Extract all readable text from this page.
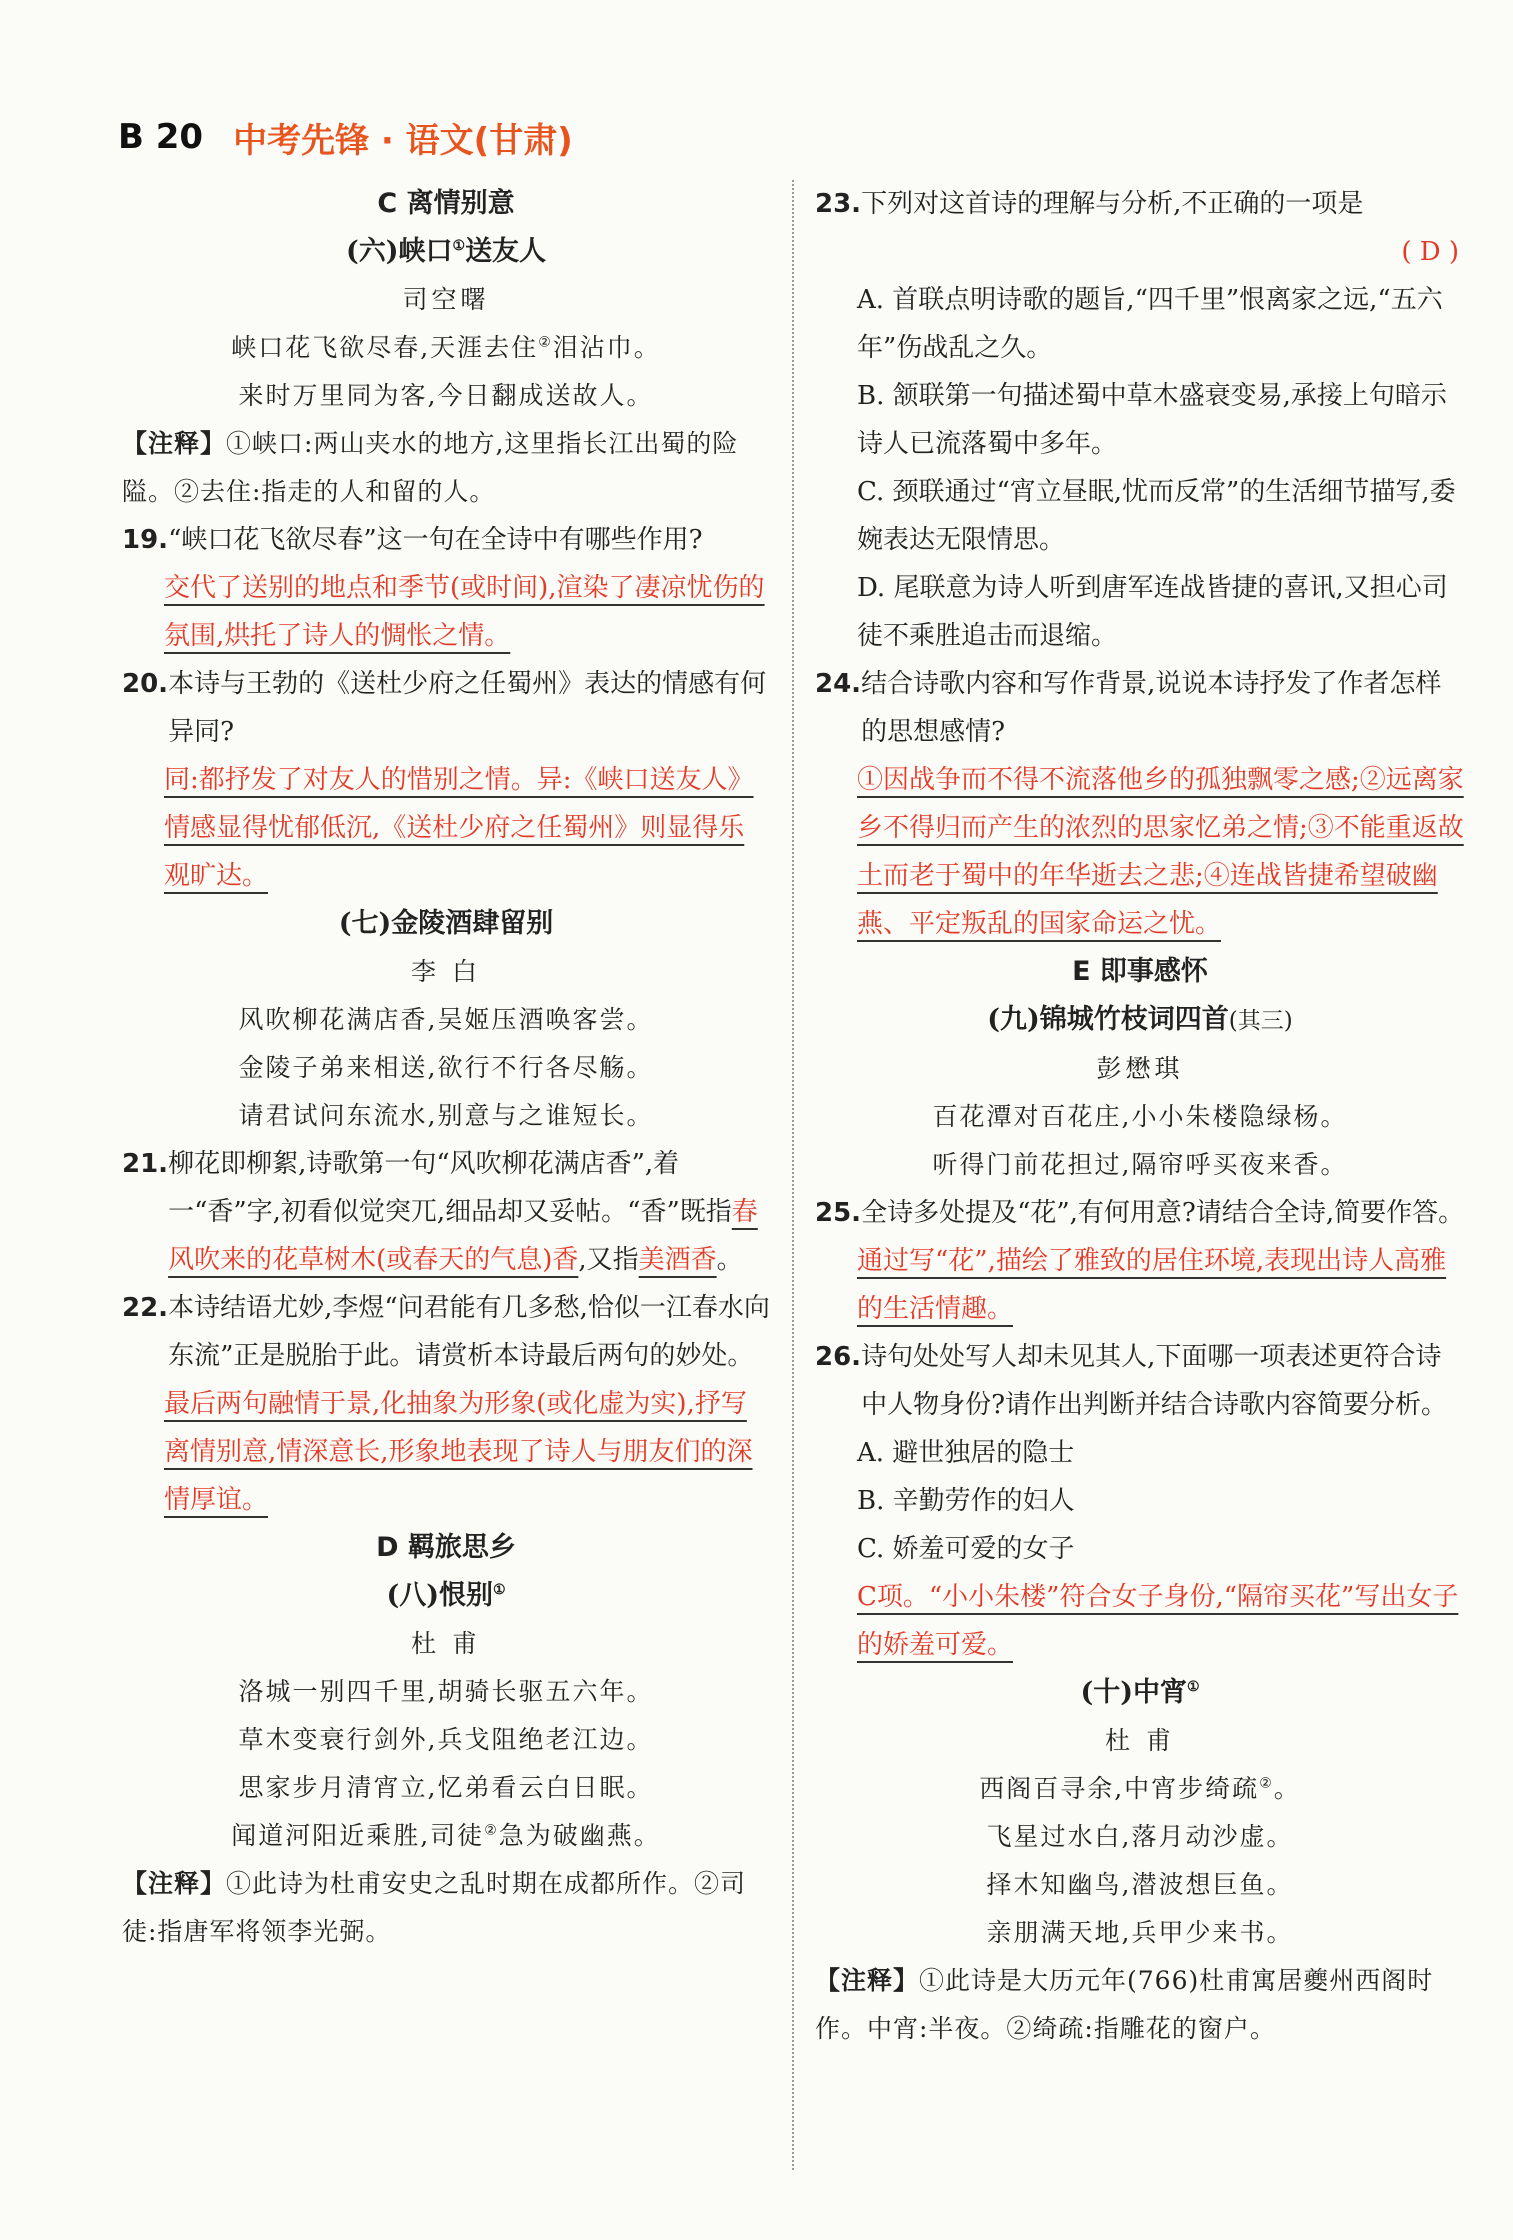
B 20 中考先锋 · 语文(甘肃)
C 离情别意
(六)峡口①送友人
司空曙
峡口花飞欲尽春,天涯去住②泪沾巾。
来时万里同为客,今日翻成送故人。
【注释】①峡口:两山夹水的地方,这里指长江出蜀的险隘。②去住:指走的人和留的人。
19. “峡口花飞欲尽春”这一句在全诗中有哪些作用?
交代了送别的地点和季节(或时间),渲染了凄凉忧伤的氛围,烘托了诗人的惆怅之情。
20. 本诗与王勃的《送杜少府之任蜀州》表达的情感有何异同?
同:都抒发了对友人的惜别之情。异:《峡口送友人》情感显得忧郁低沉,《送杜少府之任蜀州》则显得乐观旷达。
(七)金陵酒肆留别
李 白
风吹柳花满店香,吴姬压酒唤客尝。
金陵子弟来相送,欲行不行各尽觞。
请君试问东流水,别意与之谁短长。
21. 柳花即柳絮,诗歌第一句“风吹柳花满店香”,着一“香”字,初看似觉突兀,细品却又妥帖。“香”既指春风吹来的花草树木(或春天的气息)香,又指美酒香。
22. 本诗结语尤妙,李煜“问君能有几多愁,恰似一江春水向东流”正是脱胎于此。请赏析本诗最后两句的妙处。
最后两句融情于景,化抽象为形象(或化虚为实),抒写离情别意,情深意长,形象地表现了诗人与朋友们的深情厚谊。
D 羁旅思乡
(八)恨别①
杜 甫
洛城一别四千里,胡骑长驱五六年。
草木变衰行剑外,兵戈阻绝老江边。
思家步月清宵立,忆弟看云白日眠。
闻道河阳近乘胜,司徒②急为破幽燕。
【注释】①此诗为杜甫安史之乱时期在成都所作。②司徒:指唐军将领李光弼。
23. 下列对这首诗的理解与分析,不正确的一项是
( D )
A. 首联点明诗歌的题旨,“四千里”恨离家之远,“五六年”伤战乱之久。
B. 颔联第一句描述蜀中草木盛衰变易,承接上句暗示诗人已流落蜀中多年。
C. 颈联通过“宵立昼眠,忧而反常”的生活细节描写,委婉表达无限情思。
D. 尾联意为诗人听到唐军连战皆捷的喜讯,又担心司徒不乘胜追击而退缩。
24. 结合诗歌内容和写作背景,说说本诗抒发了作者怎样的思想感情?
①因战争而不得不流落他乡的孤独飘零之感;②远离家乡不得归而产生的浓烈的思家忆弟之情;③不能重返故土而老于蜀中的年华逝去之悲;④连战皆捷希望破幽燕、平定叛乱的国家命运之忧。
E 即事感怀
(九)锦城竹枝词四首(其三)
彭懋琪
百花潭对百花庄,小小朱楼隐绿杨。
听得门前花担过,隔帘呼买夜来香。
25. 全诗多处提及“花”,有何用意?请结合全诗,简要作答。
通过写“花”,描绘了雅致的居住环境,表现出诗人高雅的生活情趣。
26. 诗句处处写人却未见其人,下面哪一项表述更符合诗中人物身份?请作出判断并结合诗歌内容简要分析。
A. 避世独居的隐士
B. 辛勤劳作的妇人
C. 娇羞可爱的女子
C项。“小小朱楼”符合女子身份,“隔帘买花”写出女子的娇羞可爱。
(十)中宵①
杜 甫
西阁百寻余,中宵步绮疏②。
飞星过水白,落月动沙虚。
择木知幽鸟,潜波想巨鱼。
亲朋满天地,兵甲少来书。
【注释】①此诗是大历元年(766)杜甫寓居夔州西阁时作。中宵:半夜。②绮疏:指雕花的窗户。
